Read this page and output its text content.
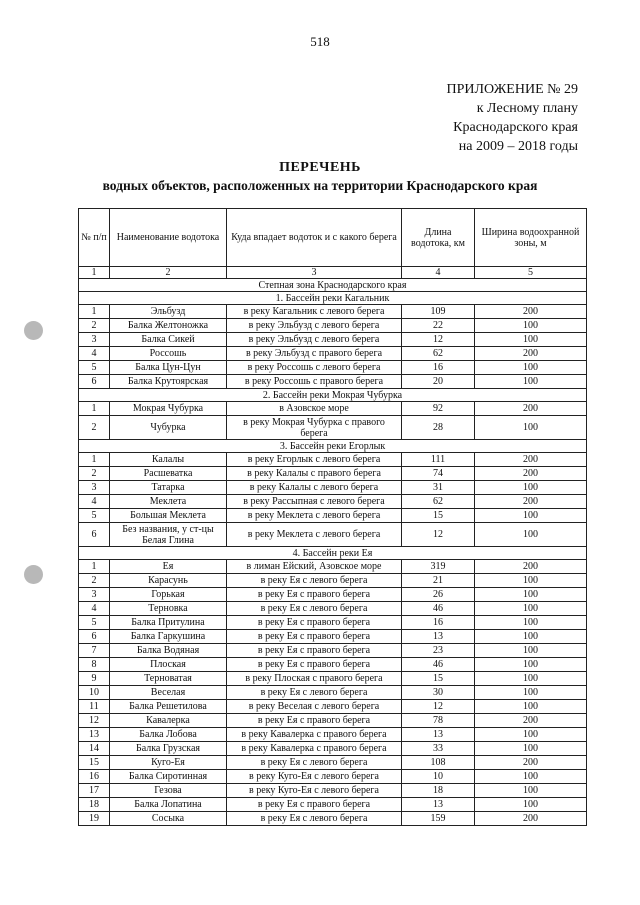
518
ПРИЛОЖЕНИЕ № 29
к Лесному плану
Краснодарского края
на 2009 – 2018 годы
ПЕРЕЧЕНЬ
водных объектов, расположенных на территории Краснодарского края
№ п/п	Наименование водотока	Куда впадает водоток и с какого берега	Длина водотока, км	Ширина водоохранной зоны, м
1	2	3	4	5
Степная зона Краснодарского края				
1. Бассейн реки Кагальник				
1	Эльбузд	в реку Кагальник с левого берега	109	200
2	Балка Желтоножка	в реку Эльбузд с левого берега	22	100
3	Балка Сикей	в реку Эльбузд с левого берега	12	100
4	Россошь	в реку Эльбузд с правого берега	62	200
5	Балка Цун-Цун	в реку Россошь с левого берега	16	100
6	Балка Крутоярская	в реку Россошь с правого берега	20	100
2. Бассейн реки Мокрая Чубурка				
1	Мокрая Чубурка	в Азовское море	92	200
2	Чубурка	в реку Мокрая Чубурка с правого берега	28	100
3. Бассейн реки Егорлык				
1	Калалы	в реку Егорлык с левого берега	111	200
2	Расшеватка	в реку Калалы с правого берега	74	200
3	Татарка	в реку Калалы с левого берега	31	100
4	Меклета	в реку Рассыпная с левого берега	62	200
5	Большая Меклета	в реку Меклета с левого берега	15	100
6	Без названия, у ст-цы Белая Глина	в реку Меклета с левого берега	12	100
4. Бассейн реки Ея				
1	Ея	в лиман Ейский, Азовское море	319	200
2	Карасунь	в реку Ея с левого берега	21	100
3	Горькая	в реку Ея с правого берега	26	100
4	Терновка	в реку Ея с левого берега	46	100
5	Балка Притулина	в реку Ея с правого берега	16	100
6	Балка Гаркушина	в реку Ея с правого берега	13	100
7	Балка Водяная	в реку Ея с правого берега	23	100
8	Плоская	в реку Ея с правого берега	46	100
9	Терноватая	в реку Плоская с правого берега	15	100
10	Веселая	в реку Ея с левого берега	30	100
11	Балка Решетилова	в реку Веселая с левого берега	12	100
12	Кавалерка	в реку Ея с правого берега	78	200
13	Балка Лобова	в реку Кавалерка с правого берега	13	100
14	Балка Грузская	в реку Кавалерка с правого берега	33	100
15	Куго-Ея	в реку Ея с левого берега	108	200
16	Балка Сиротинная	в реку Куго-Ея с левого берега	10	100
17	Гезова	в реку Куго-Ея с левого берега	18	100
18	Балка Лопатина	в реку Ея с правого берега	13	100
19	Сосыка	в реку Ея с левого берега	159	200
